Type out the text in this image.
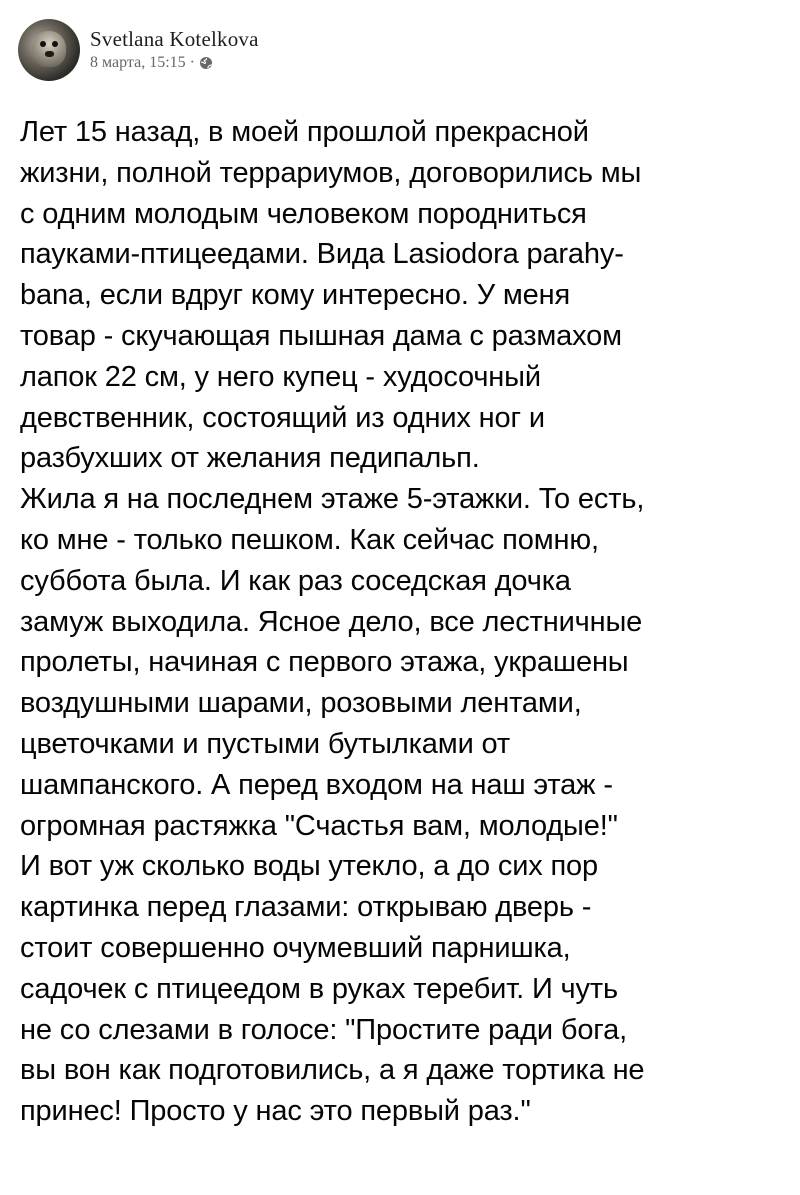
Svetlana Kotelkova
8 марта, 15:15 ·
Лет 15 назад, в моей прошлой прекрасной
жизни, полной террариумов, договорились мы
с одним молодым человеком породниться
пауками-птицеедами. Вида Lasiodora parahy-
bana, если вдруг кому интересно. У меня
товар - скучающая пышная дама с размахом
лапок 22 см, у него купец - худосочный
девственник, состоящий из одних ног и
разбухших от желания педипальп.
Жила я на последнем этаже 5-этажки. То есть,
ко мне - только пешком. Как сейчас помню,
суббота была. И как раз соседская дочка
замуж выходила. Ясное дело, все лестничные
пролеты, начиная с первого этажа, украшены
воздушными шарами, розовыми лентами,
цветочками и пустыми бутылками от
шампанского. А перед входом на наш этаж -
огромная растяжка "Счастья вам, молодые!"
И вот уж сколько воды утекло, а до сих пор
картинка перед глазами: открываю дверь -
стоит совершенно очумевший парнишка,
садочек с птицеедом в руках теребит. И чуть
не со слезами в голосе: "Простите ради бога,
вы вон как подготовились, а я даже тортика не
принес! Просто у нас это первый раз."
